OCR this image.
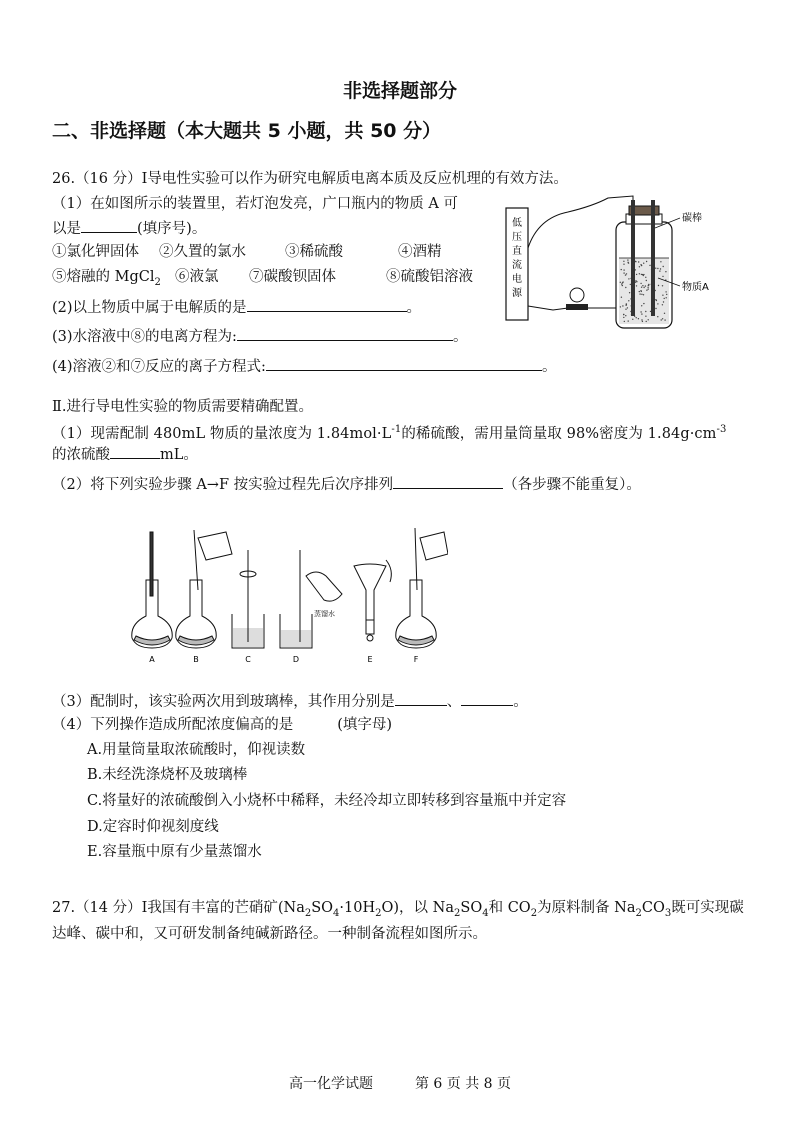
非选择题部分
二、非选择题（本大题共 5 小题，共 50 分）
26.（16 分）Ⅰ导电性实验可以作为研究电解质电离本质及反应机理的有效方法。
（1）在如图所示的装置里，若灯泡发亮，广口瓶内的物质 A 可
以是	(填序号)。
①氯化钾固体 ②久置的氯水	③稀硫酸	④酒精
⑤熔融的 MgCl$_2$ ⑥液氯 ⑦碳酸钡固体	⑧硫酸铝溶液
(2)以上物质中属于电解质的是	。
(3)水溶液中⑧的电离方程为:	。
(4)溶液②和⑦反应的离子方程式:	。
低
压
直
流
电
源
碳棒
物质A
Ⅱ.进行导电性实验的物质需要精确配置。
（1）现需配制 480mL 物质的量浓度为 $1.84mol\cdot L^{-1}$的稀硫酸，需用量筒量取 98%密度为 $1.84g\cdot cm^{-3}$
的浓硫酸	mL。
（2）将下列实验步骤 A→F 按实验过程先后次序排列	（各步骤不能重复）。
蒸馏水
A	B	C	D	E	F
（3）配制时，该实验两次用到玻璃棒，其作用分别是	、	。
（4）下列操作造成所配浓度偏高的是	(填字母)
A.用量筒量取浓硫酸时，仰视读数
B.未经洗涤烧杯及玻璃棒
C.将量好的浓硫酸倒入小烧杯中稀释，未经冷却立即转移到容量瓶中并定容
D.定容时仰视刻度线
E.容量瓶中原有少量蒸馏水
27.（14 分）Ⅰ我国有丰富的芒硝矿$(Na_2SO_4\cdot 10H_2O)$，以 $Na_2SO_4$和 $CO_2$为原料制备 $Na_2CO_3$既可实现碳
达峰、碳中和，又可研发制备纯碱新路径。一种制备流程如图所示。
高一化学试题　　　第 6 页 共 8 页
